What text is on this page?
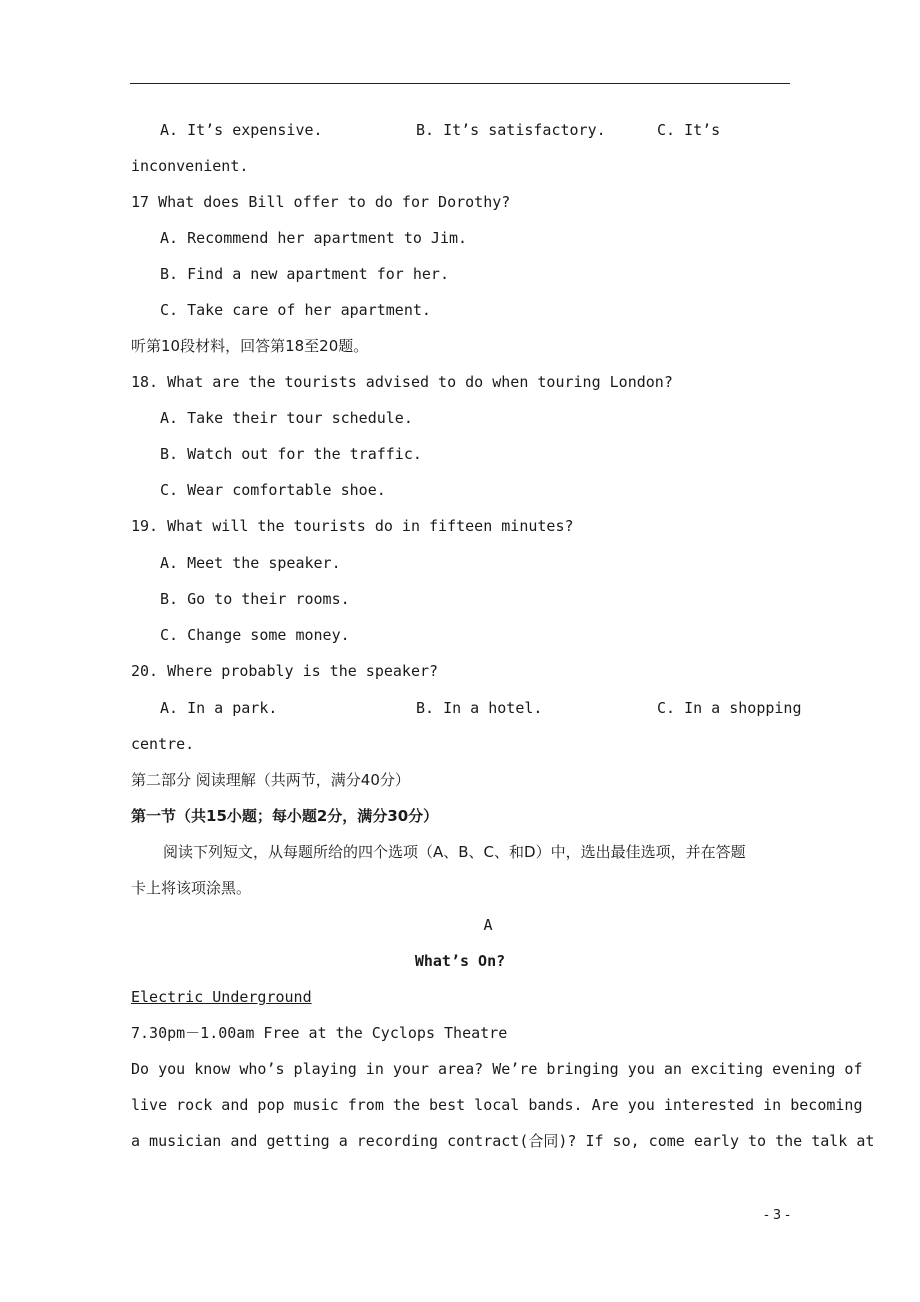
A. It’s expensive.	B. It’s satisfactory.	C. It’s
inconvenient.
17 What does Bill offer to do for Dorothy?
A. Recommend her apartment to Jim.
B. Find a new apartment for her.
C. Take care of her apartment.
听第10段材料，回答第18至20题。
18. What are the tourists advised to do when touring London?
A. Take their tour schedule.
B. Watch out for the traffic.
C. Wear comfortable shoe.
19. What will the tourists do in fifteen minutes?
A. Meet the speaker.
B. Go to their rooms.
C. Change some money.
20. Where probably is the speaker?
A. In a park.	B. In a hotel.	C. In a shopping
centre.
第二部分 阅读理解（共两节，满分40分）
第一节（共15小题；每小题2分，满分30分）
阅读下列短文，从每题所给的四个选项（A、B、C、和D）中，选出最佳选项，并在答题
卡上将该项涂黑。
A
What’s On?
Electric Underground
7.30pm－1.00am Free at the Cyclops Theatre
Do you know who’s playing in your area? We’re bringing you an exciting evening of
live rock and pop music from the best local bands. Are you interested in becoming
a musician and getting a recording contract(合同)? If so, come early to the talk at
- 3 -
